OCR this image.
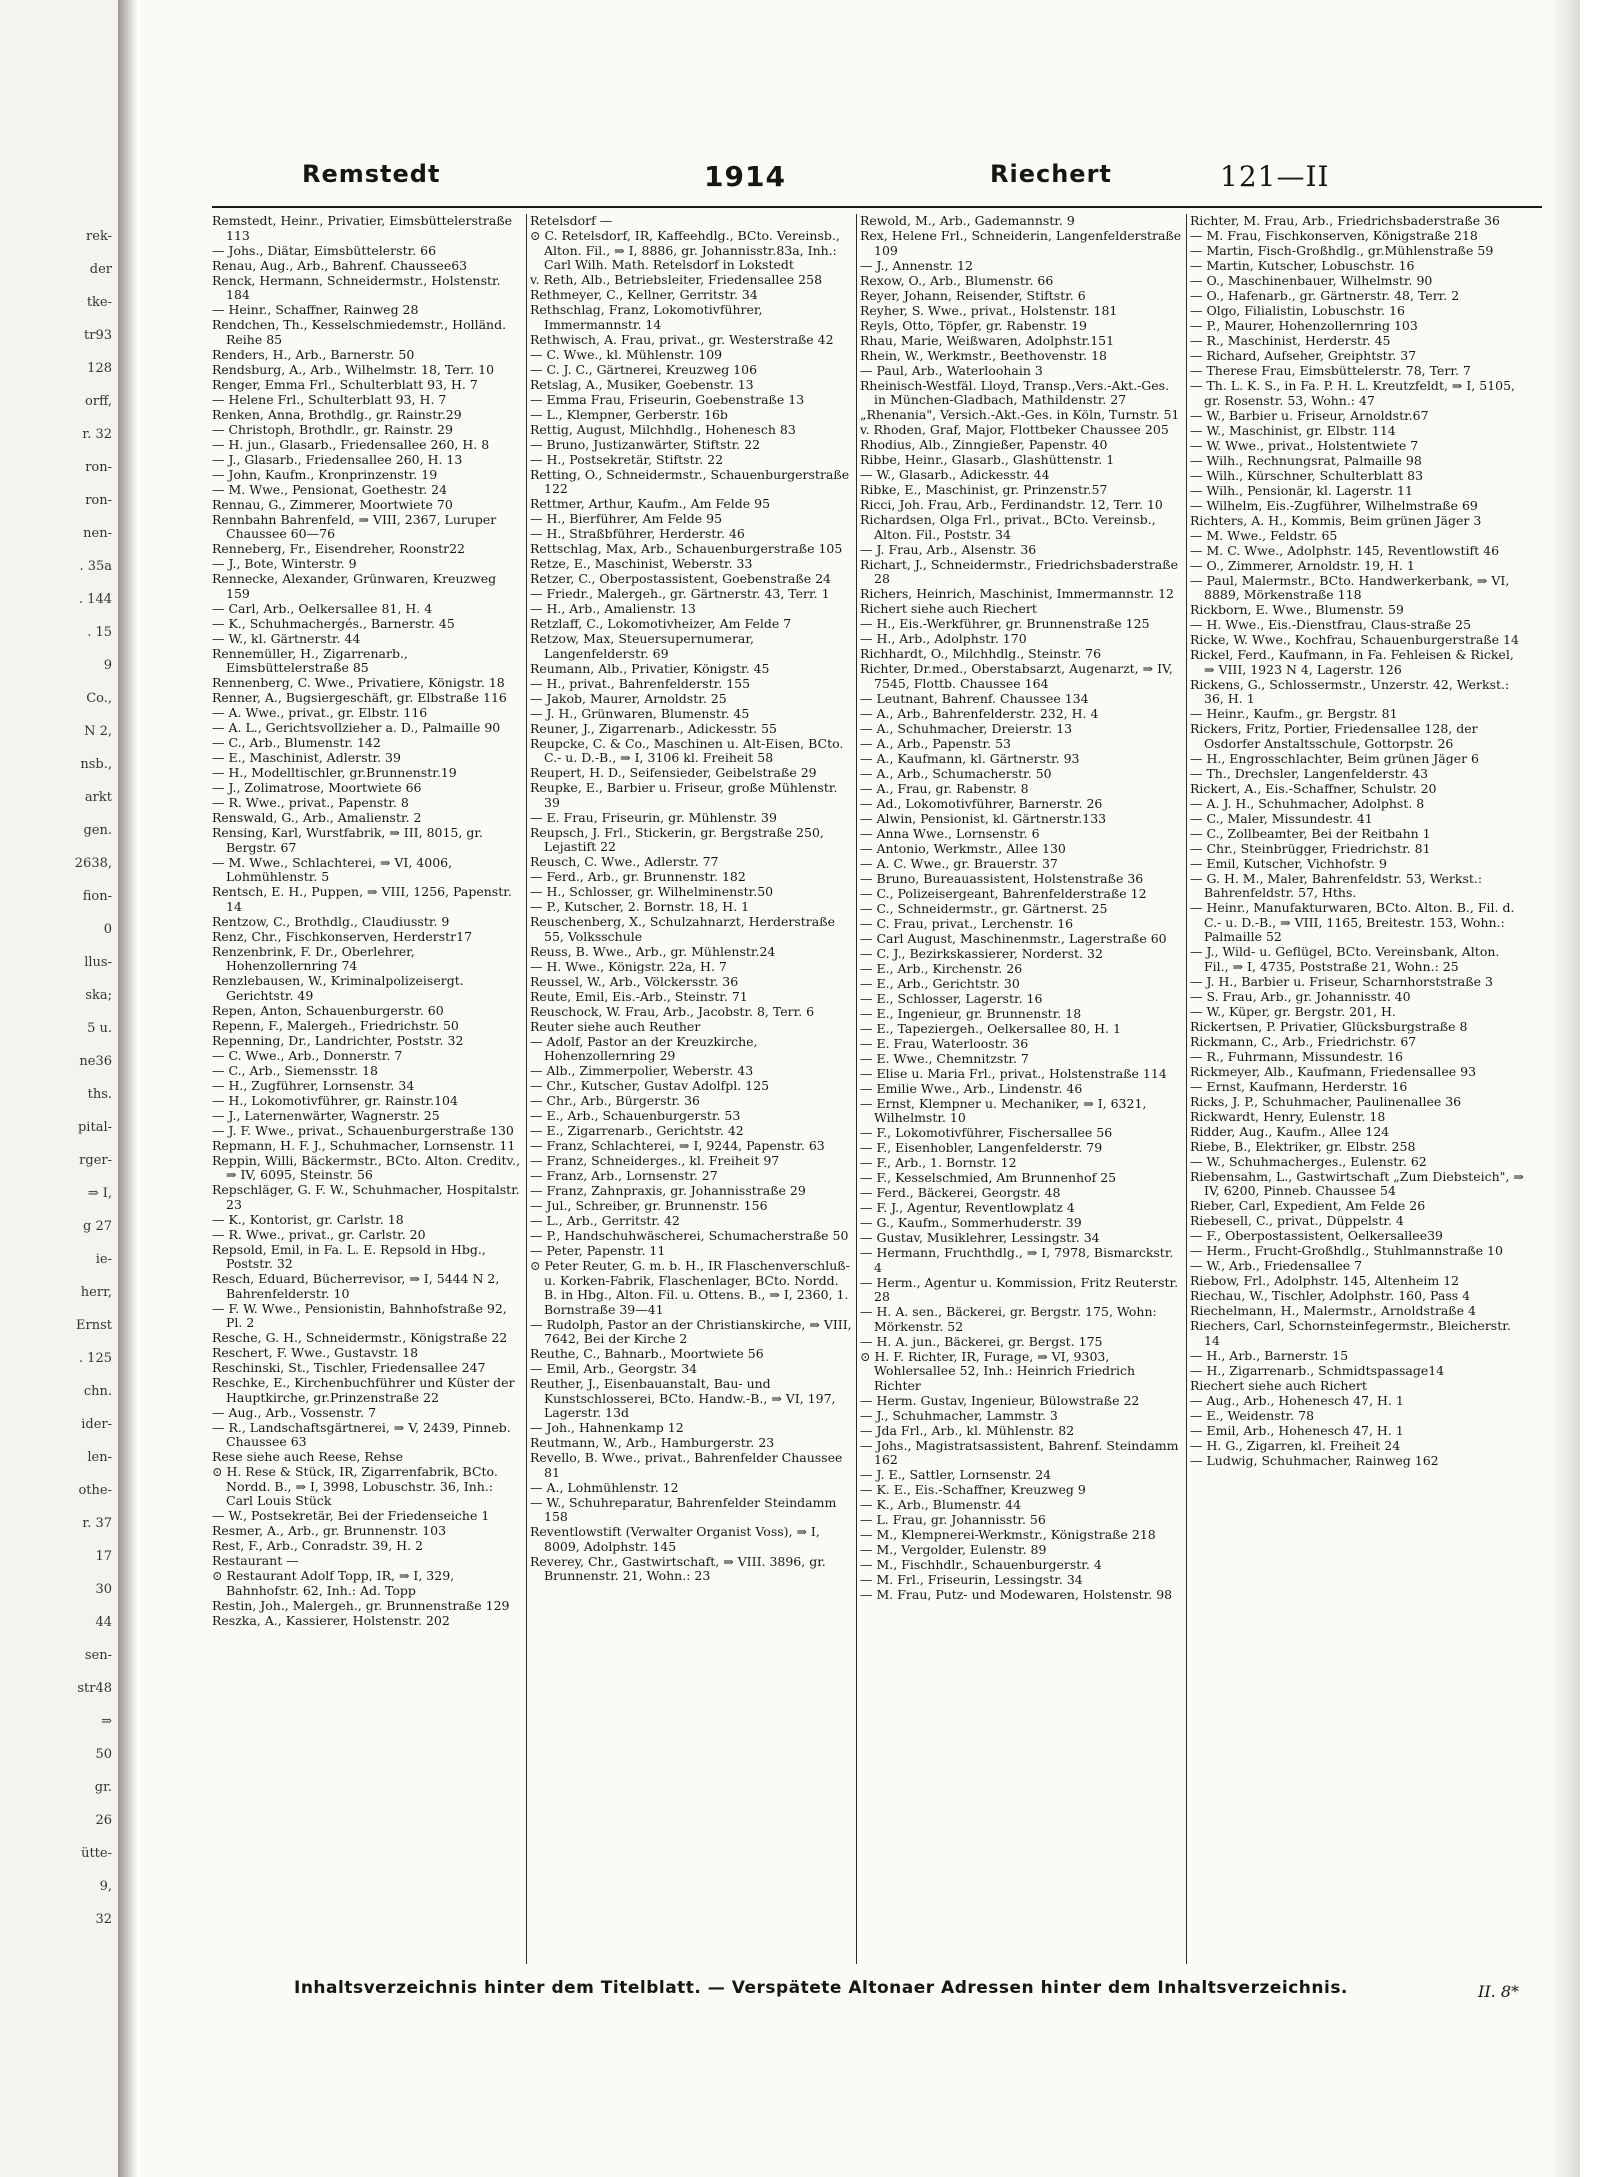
rek-
der
tke-
tr93
128
orff,
r. 32
ron-
ron-
nen-
. 35a
. 144
. 15
9
Co.,
N 2,
nsb.,
arkt
gen.
2638,
fion-
0
llus-
ska;
5 u.
ne36
ths.
pital-
rger-
⇒ I,
g 27
ie-
herr,
Ernst
. 125
chn.
ider-
len-
othe-
r. 37
17
30
44
sen-
str48
⇒
50
gr.
26
ütte-
9,
32
Remstedt	1914	Riechert	121—II
Remstedt, Heinr., Privatier, Eimsbüttelerstraße 113
— Johs., Diätar, Eimsbüttelerstr. 66
Renau, Aug., Arb., Bahrenf. Chaussee63
Renck, Hermann, Schneidermstr., Holstenstr. 184
— Heinr., Schaffner, Rainweg 28
Rendchen, Th., Kesselschmiedemstr., Holländ. Reihe 85
Renders, H., Arb., Barnerstr. 50
Rendsburg, A., Arb., Wilhelmstr. 18, Terr. 10
Renger, Emma Frl., Schulterblatt 93, H. 7
— Helene Frl., Schulterblatt 93, H. 7
Renken, Anna, Brothdlg., gr. Rainstr.29
— Christoph, Brothdlr., gr. Rainstr. 29
— H. jun., Glasarb., Friedensallee 260, H. 8
— J., Glasarb., Friedensallee 260, H. 13
— John, Kaufm., Kronprinzenstr. 19
— M. Wwe., Pensionat, Goethestr. 24
Rennau, G., Zimmerer, Moortwiete 70
Rennbahn Bahrenfeld, ⇒ VIII, 2367, Luruper Chaussee 60—76
Renneberg, Fr., Eisendreher, Roonstr22
— J., Bote, Winterstr. 9
Rennecke, Alexander, Grünwaren, Kreuzweg 159
— Carl, Arb., Oelkersallee 81, H. 4
— K., Schuhmachergés., Barnerstr. 45
— W., kl. Gärtnerstr. 44
Rennemüller, H., Zigarrenarb., Eimsbüttelerstraße 85
Rennenberg, C. Wwe., Privatiere, Königstr. 18
Renner, A., Bugsiergeschäft, gr. Elbstraße 116
— A. Wwe., privat., gr. Elbstr. 116
— A. L., Gerichtsvollzieher a. D., Palmaille 90
— C., Arb., Blumenstr. 142
— E., Maschinist, Adlerstr. 39
— H., Modelltischler, gr.Brunnenstr.19
— J., Zolimatrose, Moortwiete 66
— R. Wwe., privat., Papenstr. 8
Renswald, G., Arb., Amalienstr. 2
Rensing, Karl, Wurstfabrik, ⇒ III, 8015, gr. Bergstr. 67
— M. Wwe., Schlachterei, ⇒ VI, 4006, Lohmühlenstr. 5
Rentsch, E. H., Puppen, ⇒ VIII, 1256, Papenstr. 14
Rentzow, C., Brothdlg., Claudiusstr. 9
Renz, Chr., Fischkonserven, Herderstr17
Renzenbrink, F. Dr., Oberlehrer, Hohenzollernring 74
Renzlebausen, W., Kriminalpolizeisergt. Gerichtstr. 49
Repen, Anton, Schauenburgerstr. 60
Repenn, F., Malergeh., Friedrichstr. 50
Repenning, Dr., Landrichter, Poststr. 32
— C. Wwe., Arb., Donnerstr. 7
— C., Arb., Siemensstr. 18
— H., Zugführer, Lornsenstr. 34
— H., Lokomotivführer, gr. Rainstr.104
— J., Laternenwärter, Wagnerstr. 25
— J. F. Wwe., privat., Schauenburgerstraße 130
Repmann, H. F. J., Schuhmacher, Lornsenstr. 11
Reppin, Willi, Bäckermstr., BCto. Alton. Creditv., ⇒ IV, 6095, Steinstr. 56
Repschläger, G. F. W., Schuhmacher, Hospitalstr. 23
— K., Kontorist, gr. Carlstr. 18
— R. Wwe., privat., gr. Carlstr. 20
Repsold, Emil, in Fa. L. E. Repsold in Hbg., Poststr. 32
Resch, Eduard, Bücherrevisor, ⇒ I, 5444 N 2, Bahrenfelderstr. 10
— F. W. Wwe., Pensionistin, Bahnhofstraße 92, Pl. 2
Resche, G. H., Schneidermstr., Königstraße 22
Reschert, F. Wwe., Gustavstr. 18
Reschinski, St., Tischler, Friedensallee 247
Reschke, E., Kirchenbuchführer und Küster der Hauptkirche, gr.Prinzenstraße 22
— Aug., Arb., Vossenstr. 7
— R., Landschaftsgärtnerei, ⇒ V, 2439, Pinneb. Chaussee 63
Rese siehe auch Reese, Rehse
⊙ H. Rese & Stück, IR, Zigarrenfabrik, BCto. Nordd. B., ⇒ I, 3998, Lobuschstr. 36, Inh.: Carl Louis Stück
— W., Postsekretär, Bei der Friedenseiche 1
Resmer, A., Arb., gr. Brunnenstr. 103
Rest, F., Arb., Conradstr. 39, H. 2
Restaurant —
⊙ Restaurant Adolf Topp, IR, ⇒ I, 329, Bahnhofstr. 62, Inh.: Ad. Topp
Restin, Joh., Malergeh., gr. Brunnenstraße 129
Reszka, A., Kassierer, Holstenstr. 202
Retelsdorf —
⊙ C. Retelsdorf, IR, Kaffeehdlg., BCto. Vereinsb., Alton. Fil., ⇒ I, 8886, gr. Johannisstr.83a, Inh.: Carl Wilh. Math. Retelsdorf in Lokstedt
v. Reth, Alb., Betriebsleiter, Friedensallee 258
Rethmeyer, C., Kellner, Gerritstr. 34
Rethschlag, Franz, Lokomotivführer, Immermannstr. 14
Rethwisch, A. Frau, privat., gr. Westerstraße 42
— C. Wwe., kl. Mühlenstr. 109
— C. J. C., Gärtnerei, Kreuzweg 106
Retslag, A., Musiker, Goebenstr. 13
— Emma Frau, Friseurin, Goebenstraße 13
— L., Klempner, Gerberstr. 16b
Rettig, August, Milchhdlg., Hohenesch 83
— Bruno, Justizanwärter, Stiftstr. 22
— H., Postsekretär, Stiftstr. 22
Retting, O., Schneidermstr., Schauenburgerstraße 122
Rettmer, Arthur, Kaufm., Am Felde 95
— H., Bierführer, Am Felde 95
— H., Straßbführer, Herderstr. 46
Rettschlag, Max, Arb., Schauenburgerstraße 105
Retze, E., Maschinist, Weberstr. 33
Retzer, C., Oberpostassistent, Goebenstraße 24
— Friedr., Malergeh., gr. Gärtnerstr. 43, Terr. 1
— H., Arb., Amalienstr. 13
Retzlaff, C., Lokomotivheizer, Am Felde 7
Retzow, Max, Steuersupernumerar, Langenfelderstr. 69
Reumann, Alb., Privatier, Königstr. 45
— H., privat., Bahrenfelderstr. 155
— Jakob, Maurer, Arnoldstr. 25
— J. H., Grünwaren, Blumenstr. 45
Reuner, J., Zigarrenarb., Adickesstr. 55
Reupcke, C. & Co., Maschinen u. Alt-Eisen, BCto. C.- u. D.-B., ⇒ I, 3106 kl. Freiheit 58
Reupert, H. D., Seifensieder, Geibelstraße 29
Reupke, E., Barbier u. Friseur, große Mühlenstr. 39
— E. Frau, Friseurin, gr. Mühlenstr. 39
Reupsch, J. Frl., Stickerin, gr. Bergstraße 250, Lejastift 22
Reusch, C. Wwe., Adlerstr. 77
— Ferd., Arb., gr. Brunnenstr. 182
— H., Schlosser, gr. Wilhelminenstr.50
— P., Kutscher, 2. Bornstr. 18, H. 1
Reuschenberg, X., Schulzahnarzt, Herderstraße 55, Volksschule
Reuss, B. Wwe., Arb., gr. Mühlenstr.24
— H. Wwe., Königstr. 22a, H. 7
Reussel, W., Arb., Völckersstr. 36
Reute, Emil, Eis.-Arb., Steinstr. 71
Reuschock, W. Frau, Arb., Jacobstr. 8, Terr. 6
Reuter siehe auch Reuther
— Adolf, Pastor an der Kreuzkirche, Hohenzollernring 29
— Alb., Zimmerpolier, Weberstr. 43
— Chr., Kutscher, Gustav Adolfpl. 125
— Chr., Arb., Bürgerstr. 36
— E., Arb., Schauenburgerstr. 53
— E., Zigarrenarb., Gerichtstr. 42
— Franz, Schlachterei, ⇒ I, 9244, Papenstr. 63
— Franz, Schneiderges., kl. Freiheit 97
— Franz, Arb., Lornsenstr. 27
— Franz, Zahnpraxis, gr. Johannisstraße 29
— Jul., Schreiber, gr. Brunnenstr. 156
— L., Arb., Gerritstr. 42
— P., Handschuhwäscherei, Schumacherstraße 50
— Peter, Papenstr. 11
⊙ Peter Reuter, G. m. b. H., IR Flaschenverschluß- u. Korken-Fabrik, Flaschenlager, BCto. Nordd. B. in Hbg., Alton. Fil. u. Ottens. B., ⇒ I, 2360, 1. Bornstraße 39—41
— Rudolph, Pastor an der Christianskirche, ⇒ VIII, 7642, Bei der Kirche 2
Reuthe, C., Bahnarb., Moortwiete 56
— Emil, Arb., Georgstr. 34
Reuther, J., Eisenbauanstalt, Bau- und Kunstschlosserei, BCto. Handw.-B., ⇒ VI, 197, Lagerstr. 13d
— Joh., Hahnenkamp 12
Reutmann, W., Arb., Hamburgerstr. 23
Revello, B. Wwe., privat., Bahrenfelder Chaussee 81
— A., Lohmühlenstr. 12
— W., Schuhreparatur, Bahrenfelder Steindamm 158
Reventlowstift (Verwalter Organist Voss), ⇒ I, 8009, Adolphstr. 145
Reverey, Chr., Gastwirtschaft, ⇒ VIII. 3896, gr. Brunnenstr. 21, Wohn.: 23
Rewold, M., Arb., Gademannstr. 9
Rex, Helene Frl., Schneiderin, Langenfelderstraße 109
— J., Annenstr. 12
Rexow, O., Arb., Blumenstr. 66
Reyer, Johann, Reisender, Stiftstr. 6
Reyher, S. Wwe., privat., Holstenstr. 181
Reyls, Otto, Töpfer, gr. Rabenstr. 19
Rhau, Marie, Weißwaren, Adolphstr.151
Rhein, W., Werkmstr., Beethovenstr. 18
— Paul, Arb., Waterloohain 3
Rheinisch-Westfäl. Lloyd, Transp.,Vers.-Akt.-Ges. in München-Gladbach, Mathildenstr. 27
„Rhenania", Versich.-Akt.-Ges. in Köln, Turnstr. 51
v. Rhoden, Graf, Major, Flottbeker Chaussee 205
Rhodius, Alb., Zinngießer, Papenstr. 40
Ribbe, Heinr., Glasarb., Glashüttenstr. 1
— W., Glasarb., Adickesstr. 44
Ribke, E., Maschinist, gr. Prinzenstr.57
Ricci, Joh. Frau, Arb., Ferdinandstr. 12, Terr. 10
Richardsen, Olga Frl., privat., BCto. Vereinsb., Alton. Fil., Poststr. 34
— J. Frau, Arb., Alsenstr. 36
Richart, J., Schneidermstr., Friedrichsbaderstraße 28
Richers, Heinrich, Maschinist, Immermannstr. 12
Richert siehe auch Riechert
— H., Eis.-Werkführer, gr. Brunnenstraße 125
— H., Arb., Adolphstr. 170
Richhardt, O., Milchhdlg., Steinstr. 76
Richter, Dr.med., Oberstabsarzt, Augenarzt, ⇒ IV, 7545, Flottb. Chaussee 164
— Leutnant, Bahrenf. Chaussee 134
— A., Arb., Bahrenfelderstr. 232, H. 4
— A., Schuhmacher, Dreierstr. 13
— A., Arb., Papenstr. 53
— A., Kaufmann, kl. Gärtnerstr. 93
— A., Arb., Schumacherstr. 50
— A., Frau, gr. Rabenstr. 8
— Ad., Lokomotivführer, Barnerstr. 26
— Alwin, Pensionist, kl. Gärtnerstr.133
— Anna Wwe., Lornsenstr. 6
— Antonio, Werkmstr., Allee 130
— A. C. Wwe., gr. Brauerstr. 37
— Bruno, Bureauassistent, Holstenstraße 36
— C., Polizeisergeant, Bahrenfelderstraße 12
— C., Schneidermstr., gr. Gärtnerst. 25
— C. Frau, privat., Lerchenstr. 16
— Carl August, Maschinenmstr., Lagerstraße 60
— C. J., Bezirkskassierer, Norderst. 32
— E., Arb., Kirchenstr. 26
— E., Arb., Gerichtstr. 30
— E., Schlosser, Lagerstr. 16
— E., Ingenieur, gr. Brunnenstr. 18
— E., Tapeziergeh., Oelkersallee 80, H. 1
— E. Frau, Waterloostr. 36
— E. Wwe., Chemnitzstr. 7
— Elise u. Maria Frl., privat., Holstenstraße 114
— Emilie Wwe., Arb., Lindenstr. 46
— Ernst, Klempner u. Mechaniker, ⇒ I, 6321, Wilhelmstr. 10
— F., Lokomotivführer, Fischersallee 56
— F., Eisenhobler, Langenfelderstr. 79
— F., Arb., 1. Bornstr. 12
— F., Kesselschmied, Am Brunnenhof 25
— Ferd., Bäckerei, Georgstr. 48
— F. J., Agentur, Reventlowplatz 4
— G., Kaufm., Sommerhuderstr. 39
— Gustav, Musiklehrer, Lessingstr. 34
— Hermann, Fruchthdlg., ⇒ I, 7978, Bismarckstr. 4
— Herm., Agentur u. Kommission, Fritz Reuterstr. 28
— H. A. sen., Bäckerei, gr. Bergstr. 175, Wohn: Mörkenstr. 52
— H. A. jun., Bäckerei, gr. Bergst. 175
⊙ H. F. Richter, IR, Furage, ⇒ VI, 9303, Wohlersallee 52, Inh.: Heinrich Friedrich Richter
— Herm. Gustav, Ingenieur, Bülowstraße 22
— J., Schuhmacher, Lammstr. 3
— Jda Frl., Arb., kl. Mühlenstr. 82
— Johs., Magistratsassistent, Bahrenf. Steindamm 162
— J. E., Sattler, Lornsenstr. 24
— K. E., Eis.-Schaffner, Kreuzweg 9
— K., Arb., Blumenstr. 44
— L. Frau, gr. Johannisstr. 56
— M., Klempnerei-Werkmstr., Königstraße 218
— M., Vergolder, Eulenstr. 89
— M., Fischhdlr., Schauenburgerstr. 4
— M. Frl., Friseurin, Lessingstr. 34
— M. Frau, Putz- und Modewaren, Holstenstr. 98
Richter, M. Frau, Arb., Friedrichsbaderstraße 36
— M. Frau, Fischkonserven, Königstraße 218
— Martin, Fisch-Großhdlg., gr.Mühlenstraße 59
— Martin, Kutscher, Lobuschstr. 16
— O., Maschinenbauer, Wilhelmstr. 90
— O., Hafenarb., gr. Gärtnerstr. 48, Terr. 2
— Olgo, Filialistin, Lobuschstr. 16
— P., Maurer, Hohenzollernring 103
— R., Maschinist, Herderstr. 45
— Richard, Aufseher, Greiphtstr. 37
— Therese Frau, Eimsbüttelerstr. 78, Terr. 7
— Th. L. K. S., in Fa. P. H. L. Kreutzfeldt, ⇒ I, 5105, gr. Rosenstr. 53, Wohn.: 47
— W., Barbier u. Friseur, Arnoldstr.67
— W., Maschinist, gr. Elbstr. 114
— W. Wwe., privat., Holstentwiete 7
— Wilh., Rechnungsrat, Palmaille 98
— Wilh., Kürschner, Schulterblatt 83
— Wilh., Pensionär, kl. Lagerstr. 11
— Wilhelm, Eis.-Zugführer, Wilhelmstraße 69
Richters, A. H., Kommis, Beim grünen Jäger 3
— M. Wwe., Feldstr. 65
— M. C. Wwe., Adolphstr. 145, Reventlowstift 46
— O., Zimmerer, Arnoldstr. 19, H. 1
— Paul, Malermstr., BCto. Handwerkerbank, ⇒ VI, 8889, Mörkenstraße 118
Rickborn, E. Wwe., Blumenstr. 59
— H. Wwe., Eis.-Dienstfrau, Claus-straße 25
Ricke, W. Wwe., Kochfrau, Schauenburgerstraße 14
Rickel, Ferd., Kaufmann, in Fa. Fehleisen & Rickel, ⇒ VIII, 1923 N 4, Lagerstr. 126
Rickens, G., Schlossermstr., Unzerstr. 42, Werkst.: 36, H. 1
— Heinr., Kaufm., gr. Bergstr. 81
Rickers, Fritz, Portier, Friedensallee 128, der Osdorfer Anstaltsschule, Gottorpstr. 26
— H., Engrosschlachter, Beim grünen Jäger 6
— Th., Drechsler, Langenfelderstr. 43
Rickert, A., Eis.-Schaffner, Schulstr. 20
— A. J. H., Schuhmacher, Adolphst. 8
— C., Maler, Missundestr. 41
— C., Zollbeamter, Bei der Reitbahn 1
— Chr., Steinbrügger, Friedrichstr. 81
— Emil, Kutscher, Vichhofstr. 9
— G. H. M., Maler, Bahrenfeldstr. 53, Werkst.: Bahrenfeldstr. 57, Hths.
— Heinr., Manufakturwaren, BCto. Alton. B., Fil. d. C.- u. D.-B., ⇒ VIII, 1165, Breitestr. 153, Wohn.: Palmaille 52
— J., Wild- u. Geflügel, BCto. Vereinsbank, Alton. Fil., ⇒ I, 4735, Poststraße 21, Wohn.: 25
— J. H., Barbier u. Friseur, Scharnhorststraße 3
— S. Frau, Arb., gr. Johannisstr. 40
— W., Küper, gr. Bergstr. 201, H.
Rickertsen, P. Privatier, Glücksburgstraße 8
Rickmann, C., Arb., Friedrichstr. 67
— R., Fuhrmann, Missundestr. 16
Rickmeyer, Alb., Kaufmann, Friedensallee 93
— Ernst, Kaufmann, Herderstr. 16
Ricks, J. P., Schuhmacher, Paulinenallee 36
Rickwardt, Henry, Eulenstr. 18
Ridder, Aug., Kaufm., Allee 124
Riebe, B., Elektriker, gr. Elbstr. 258
— W., Schuhmacherges., Eulenstr. 62
Riebensahm, L., Gastwirtschaft „Zum Diebsteich", ⇒ IV, 6200, Pinneb. Chaussee 54
Rieber, Carl, Expedient, Am Felde 26
Riebesell, C., privat., Düppelstr. 4
— F., Oberpostassistent, Oelkersallee39
— Herm., Frucht-Großhdlg., Stuhlmannstraße 10
— W., Arb., Friedensallee 7
Riebow, Frl., Adolphstr. 145, Altenheim 12
Riechau, W., Tischler, Adolphstr. 160, Pass 4
Riechelmann, H., Malermstr., Arnoldstraße 4
Riechers, Carl, Schornsteinfegermstr., Bleicherstr. 14
— H., Arb., Barnerstr. 15
— H., Zigarrenarb., Schmidtspassage14
Riechert siehe auch Richert
— Aug., Arb., Hohenesch 47, H. 1
— E., Weidenstr. 78
— Emil, Arb., Hohenesch 47, H. 1
— H. G., Zigarren, kl. Freiheit 24
— Ludwig, Schuhmacher, Rainweg 162
Inhaltsverzeichnis hinter dem Titelblatt. — Verspätete Altonaer Adressen hinter dem Inhaltsverzeichnis.	II. 8*
